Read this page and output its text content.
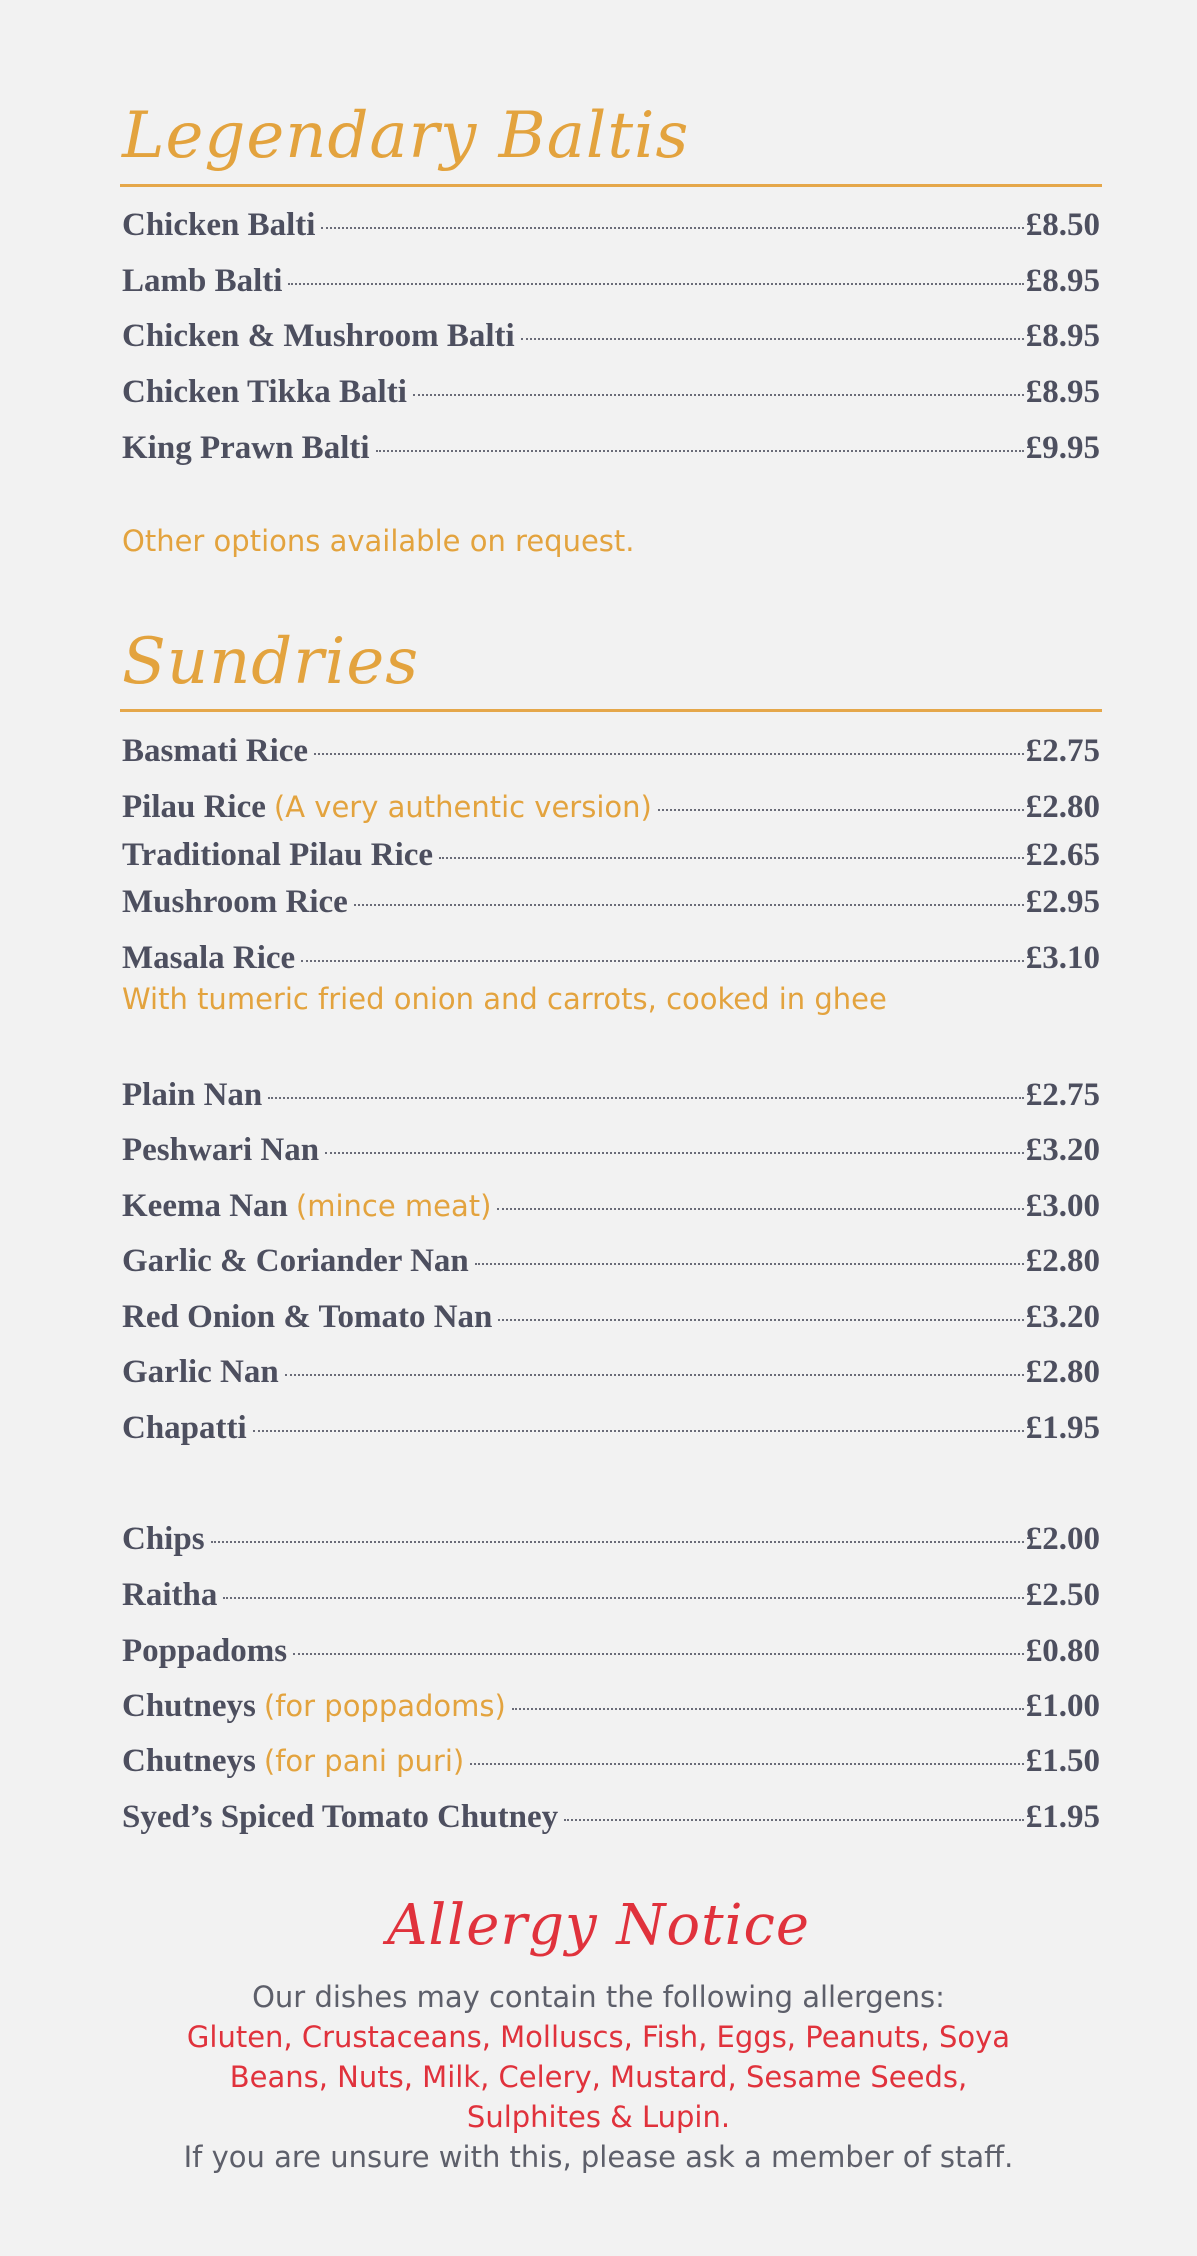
Legendary Baltis
Chicken Balti	£8.50
Lamb Balti	£8.95
Chicken & Mushroom Balti	£8.95
Chicken Tikka Balti	£8.95
King Prawn Balti	£9.95
Other options available on request.
Sundries
Basmati Rice	£2.75
Pilau Rice (A very authentic version)	£2.80
Traditional Pilau Rice	£2.65
Mushroom Rice	£2.95
Masala Rice	£3.10
With tumeric fried onion and carrots, cooked in ghee
Plain Nan	£2.75
Peshwari Nan	£3.20
Keema Nan (mince meat)	£3.00
Garlic & Coriander Nan	£2.80
Red Onion & Tomato Nan	£3.20
Garlic Nan	£2.80
Chapatti	£1.95
Chips	£2.00
Raitha	£2.50
Poppadoms	£0.80
Chutneys (for poppadoms)	£1.00
Chutneys (for pani puri)	£1.50
Syed’s Spiced Tomato Chutney	£1.95
Allergy Notice
Our dishes may contain the following allergens:
Gluten, Crustaceans, Molluscs, Fish, Eggs, Peanuts, Soya
Beans, Nuts, Milk, Celery, Mustard, Sesame Seeds,
Sulphites & Lupin.
If you are unsure with this, please ask a member of staff.
